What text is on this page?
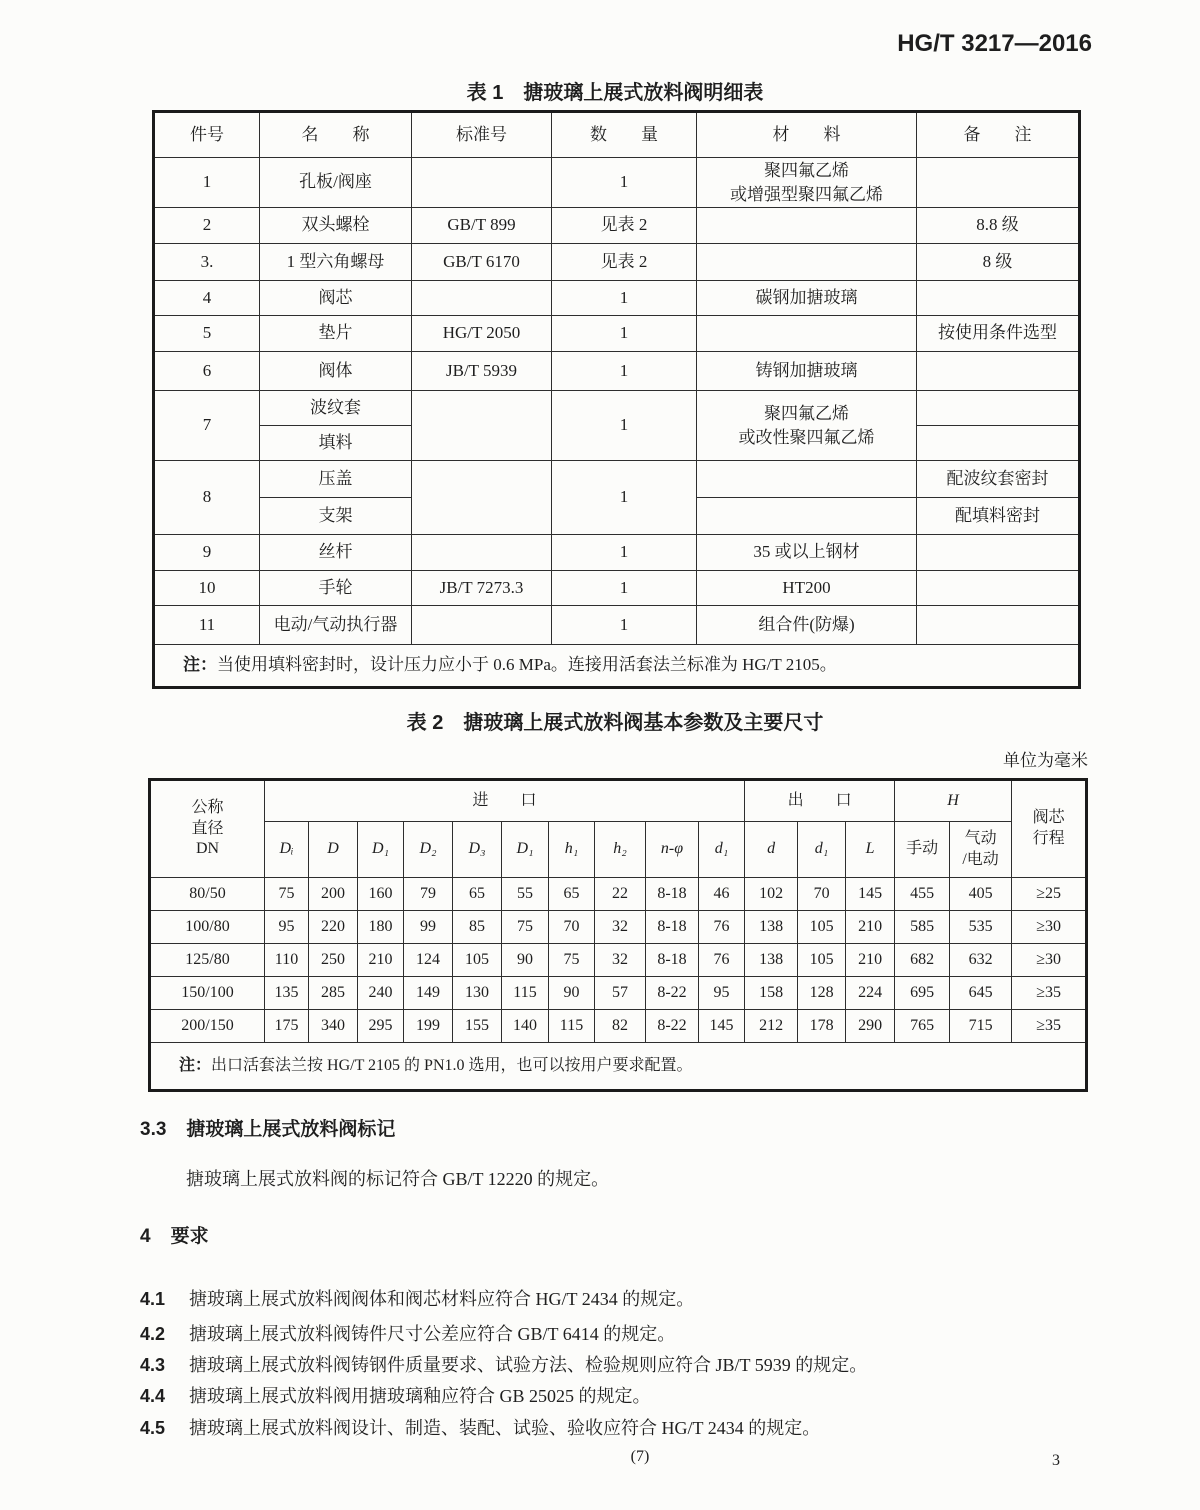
HG/T 3217—2016
表 1　搪玻璃上展式放料阀明细表
件号	名　　称	标准号	数　　量	材　　料	备　　注
1	孔板/阀座		1	聚四氟乙烯
或增强型聚四氟乙烯	

2	双头螺栓	GB/T 899	见表 2		8.8 级
3.	1 型六角螺母	GB/T 6170	见表 2		8 级
4	阀芯		1	碳钢加搪玻璃	
5	垫片	HG/T 2050	1		按使用条件选型
6	阀体	JB/T 5939	1	铸钢加搪玻璃	
7	波纹套		1	聚四氟乙烯
或改性聚四氟乙烯	

	填料				
8	压盖		1		配波纹套密封
	支架				配填料密封
9	丝杆		1	35 或以上钢材	
10	手轮	JB/T 7273.3	1	HT200	
11	电动/气动执行器		1	组合件(防爆)	
注：当使用填料密封时，设计压力应小于 0.6 MPa。连接用活套法兰标准为 HG/T 2105。					
表 2　搪玻璃上展式放料阀基本参数及主要尺寸
单位为毫米
公称
直径
DN	进　　口										出　　口			H		阀芯
行程

	Dᵢ	D	D₁	D₂	D₃	D₁	h₁	h₂	n-φ	d₁	d	d₁	L	手动	气动
/电动	

80/50	75	200	160	79	65	55	65	22	8-18	46	102	70	145	455	405	≥25
100/80	95	220	180	99	85	75	70	32	8-18	76	138	105	210	585	535	≥30
125/80	110	250	210	124	105	90	75	32	8-18	76	138	105	210	682	632	≥30
150/100	135	285	240	149	130	115	90	57	8-22	95	158	128	224	695	645	≥35
200/150	175	340	295	199	155	140	115	82	8-22	145	212	178	290	765	715	≥35
注：出口活套法兰按 HG/T 2105 的 PN1.0 选用，也可以按用户要求配置。																
3.3 搪玻璃上展式放料阀标记
搪玻璃上展式放料阀的标记符合 GB/T 12220 的规定。
4 要求
4.1 搪玻璃上展式放料阀阀体和阀芯材料应符合 HG/T 2434 的规定。
4.2 搪玻璃上展式放料阀铸件尺寸公差应符合 GB/T 6414 的规定。
4.3 搪玻璃上展式放料阀铸钢件质量要求、试验方法、检验规则应符合 JB/T 5939 的规定。
4.4 搪玻璃上展式放料阀用搪玻璃釉应符合 GB 25025 的规定。
4.5 搪玻璃上展式放料阀设计、制造、装配、试验、验收应符合 HG/T 2434 的规定。
(7)	3
